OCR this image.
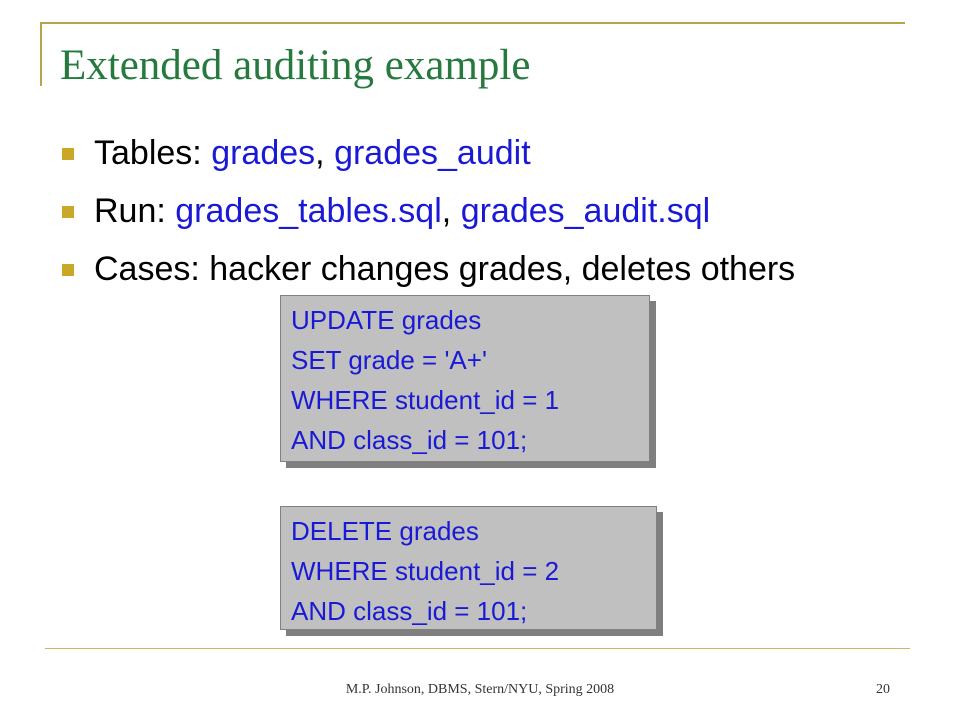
Extended auditing example
Tables: grades, grades_audit
Run: grades_tables.sql, grades_audit.sql
Cases: hacker changes grades, deletes others
UPDATE grades
SET grade = 'A+'
WHERE student_id = 1
AND class_id = 101;
DELETE grades
WHERE student_id = 2
AND class_id = 101;
M.P. Johnson, DBMS, Stern/NYU, Spring 2008	20
